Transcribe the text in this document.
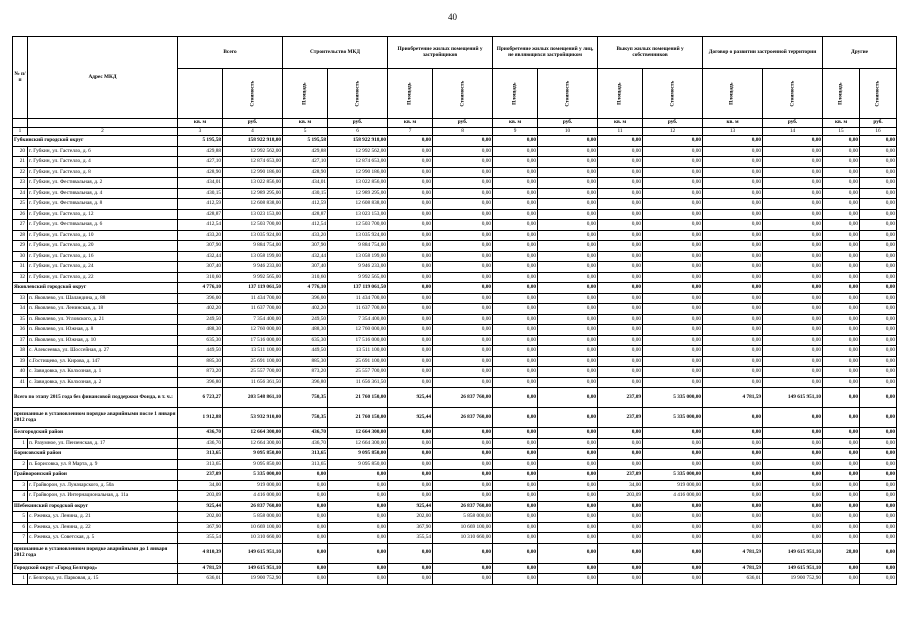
40
№ п/п	Адрес МКД	Всего		Строительство МКД		Приобретение жилых помещений у застройщиков		Приобретение жилых помещений у лиц, не являющихся застройщиком		Выкуп жилых помещений у собственников		Договор о развитии застроенной территории		Другие	
	Стоимость	Площадь	Стоимость	Площадь	Стоимость	Площадь	Стоимость	Площадь	Стоимость	Площадь	Стоимость	Площадь	Стоимость
		кв. м	руб.	кв. м	руб.	кв. м	руб.	кв. м	руб.	кв. м	руб.	кв. м	руб.	кв. м	руб.
1	2	3	4	5	6	7	8	9	10	11	12	13	14	15	16
Губкинский городской округ		5 195,58	158 922 918,00	5 195,58	158 922 918,00	0,00	0,00	0,00	0,00	0,00	0,00	0,00	0,00	0,00	0,00
20	г. Губкин, ул. Гастелло, д. 6	429,88	12 992 562,00	429,88	12 992 562,00	0,00	0,00	0,00	0,00	0,00	0,00	0,00	0,00	0,00	0,00
21	г. Губкин, ул. Гастелло, д. 4	427,10	12 874 653,00	427,10	12 874 653,00	0,00	0,00	0,00	0,00	0,00	0,00	0,00	0,00	0,00	0,00
22	г. Губкин, ул. Гастелло, д. 8	428,90	12 990 186,00	428,90	12 990 186,00	0,00	0,00	0,00	0,00	0,00	0,00	0,00	0,00	0,00	0,00
23	г. Губкин, ул. Фестивальная, д. 2	434,01	13 022 856,00	434,01	13 022 856,00	0,00	0,00	0,00	0,00	0,00	0,00	0,00	0,00	0,00	0,00
24	г. Губкин, ул. Фестивальная, д. 4	430,15	12 989 295,00	430,15	12 989 295,00	0,00	0,00	0,00	0,00	0,00	0,00	0,00	0,00	0,00	0,00
25	г. Губкин, ул. Фестивальная, д. 8	412,59	12 608 838,00	412,59	12 608 838,00	0,00	0,00	0,00	0,00	0,00	0,00	0,00	0,00	0,00	0,00
26	г. Губкин, ул. Гастелло, д. 12	428,87	13 023 153,00	428,87	13 023 153,00	0,00	0,00	0,00	0,00	0,00	0,00	0,00	0,00	0,00	0,00
27	г. Губкин, ул. Фестивальная, д. 6	412,54	12 503 700,00	412,54	12 503 700,00	0,00	0,00	0,00	0,00	0,00	0,00	0,00	0,00	0,00	0,00
28	г. Губкин, ул. Гастелло, д. 10	433,20	13 035 924,00	433,20	13 035 924,00	0,00	0,00	0,00	0,00	0,00	0,00	0,00	0,00	0,00	0,00
29	г. Губкин, ул. Гастелло, д. 20	307,90	9 884 754,00	307,90	9 884 754,00	0,00	0,00	0,00	0,00	0,00	0,00	0,00	0,00	0,00	0,00
30	г. Губкин, ул. Гастелло, д. 16	432,44	13 058 199,00	432,44	13 058 199,00	0,00	0,00	0,00	0,00	0,00	0,00	0,00	0,00	0,00	0,00
31	г. Губкин, ул. Гастелло, д. 24	307,40	9 946 233,00	307,40	9 946 233,00	0,00	0,00	0,00	0,00	0,00	0,00	0,00	0,00	0,00	0,00
32	г. Губкин, ул. Гастелло, д. 22	310,60	9 992 565,00	310,60	9 992 565,00	0,00	0,00	0,00	0,00	0,00	0,00	0,00	0,00	0,00	0,00
Яковлевский городской округ		4 776,10	137 119 061,50	4 776,10	137 119 061,50	0,00	0,00	0,00	0,00	0,00	0,00	0,00	0,00	0,00	0,00
33	п. Яковлево, ул. Шаландина, д. 88	396,00	11 434 700,00	396,00	11 434 700,00	0,00	0,00	0,00	0,00	0,00	0,00	0,00	0,00	0,00	0,00
34	п. Яковлево, ул. Ленинская, д. 18	402,20	11 637 700,00	402,20	11 637 700,00	0,00	0,00	0,00	0,00	0,00	0,00	0,00	0,00	0,00	0,00
35	п. Яковлево, ул. Угловского, д. 21	249,50	7 354 400,00	249,50	7 354 400,00	0,00	0,00	0,00	0,00	0,00	0,00	0,00	0,00	0,00	0,00
36	п. Яковлево, ул. Южная, д. 8	488,30	12 760 000,00	488,30	12 760 000,00	0,00	0,00	0,00	0,00	0,00	0,00	0,00	0,00	0,00	0,00
37	п. Яковлево, ул. Южная, д. 10	635,30	17 516 000,00	635,30	17 516 000,00	0,00	0,00	0,00	0,00	0,00	0,00	0,00	0,00	0,00	0,00
38	с. Алексеевка, ул. Шоссейная, д. 27	449,50	13 511 100,00	449,50	13 511 100,00	0,00	0,00	0,00	0,00	0,00	0,00	0,00	0,00	0,00	0,00
39	с.Гостищево, ул. Кирова, д. 147	885,30	25 691 100,00	885,30	25 691 100,00	0,00	0,00	0,00	0,00	0,00	0,00	0,00	0,00	0,00	0,00
40	с. Завидовка, ул. Колхозная, д. 1	873,20	25 557 700,00	873,20	25 557 700,00	0,00	0,00	0,00	0,00	0,00	0,00	0,00	0,00	0,00	0,00
41	с. Завидовка, ул. Колхозная, д. 2	396,80	11 656 361,50	396,80	11 656 361,50	0,00	0,00	0,00	0,00	0,00	0,00	0,00	0,00	0,00	0,00
Всего по этапу 2015 года без финансовой поддержки Фонда, в т. ч.:		6 723,27	203 548 861,10	750,35	21 760 150,00	925,44	26 837 760,00	0,00	0,00	237,09	5 335 000,00	4 781,59	149 615 951,10	0,00	0,00
признанные в установленном порядке аварийными после 1 января 2012 года		1 912,88	53 932 910,00	750,35	21 760 150,00	925,44	26 837 760,00	0,00	0,00	237,09	5 335 000,00	0,00	0,00	0,00	0,00
Белгородский район		436,70	12 664 300,00	436,70	12 664 300,00	0,00	0,00	0,00	0,00	0,00	0,00	0,00	0,00	0,00	0,00
1	п. Разумное, ул. Пензенская, д. 17	436,70	12 664 300,00	436,70	12 664 300,00	0,00	0,00	0,00	0,00	0,00	0,00	0,00	0,00	0,00	0,00
Борисовский район		313,65	9 095 850,00	313,65	9 095 850,00	0,00	0,00	0,00	0,00	0,00	0,00	0,00	0,00	0,00	0,00
2	п. Борисовка, ул. 8 Марта, д. 9	313,65	9 095 850,00	313,65	9 095 850,00	0,00	0,00	0,00	0,00	0,00	0,00	0,00	0,00	0,00	0,00
Грайворонский район		237,09	5 335 000,00	0,00	0,00	0,00	0,00	0,00	0,00	237,09	5 335 000,00	0,00	0,00	0,00	0,00
3	г. Грайворон, ул. Луначарского, д. 50а	34,00	919 000,00	0,00	0,00	0,00	0,00	0,00	0,00	34,00	919 000,00	0,00	0,00	0,00	0,00
4	г. Грайворон, ул. Интернациональная, д. 11а	203,09	4 416 000,00	0,00	0,00	0,00	0,00	0,00	0,00	203,09	4 416 000,00	0,00	0,00	0,00	0,00
Шебекинский городской округ		925,44	26 837 760,00	0,00	0,00	925,44	26 837 760,00	0,00	0,00	0,00	0,00	0,00	0,00	0,00	0,00
5	с. Ржевка, ул. Ленина, д. 21	202,00	5 858 000,00	0,00	0,00	202,00	5 858 000,00	0,00	0,00	0,00	0,00	0,00	0,00	0,00	0,00
6	с. Ржевка, ул. Ленина, д. 22	367,90	10 669 100,00	0,00	0,00	367,90	10 669 100,00	0,00	0,00	0,00	0,00	0,00	0,00	0,00	0,00
7	с. Ржевка, ул. Советская, д. 5	355,54	10 310 660,00	0,00	0,00	355,54	10 310 660,00	0,00	0,00	0,00	0,00	0,00	0,00	0,00	0,00
признанные в установленном порядке аварийными до 1 января 2012 года		4 810,39	149 615 951,10	0,00	0,00	0,00	0,00	0,00	0,00	0,00	0,00	4 781,59	149 615 951,10	28,80	0,00
Городской округ «Город Белгород»		4 781,59	149 615 951,10	0,00	0,00	0,00	0,00	0,00	0,00	0,00	0,00	4 781,59	149 615 951,10	0,00	0,00
1	г. Белгород, ул. Парковая, д. 15	636,01	19 900 752,90	0,00	0,00	0,00	0,00	0,00	0,00	0,00	0,00	636,01	19 900 752,90	0,00	0,00
